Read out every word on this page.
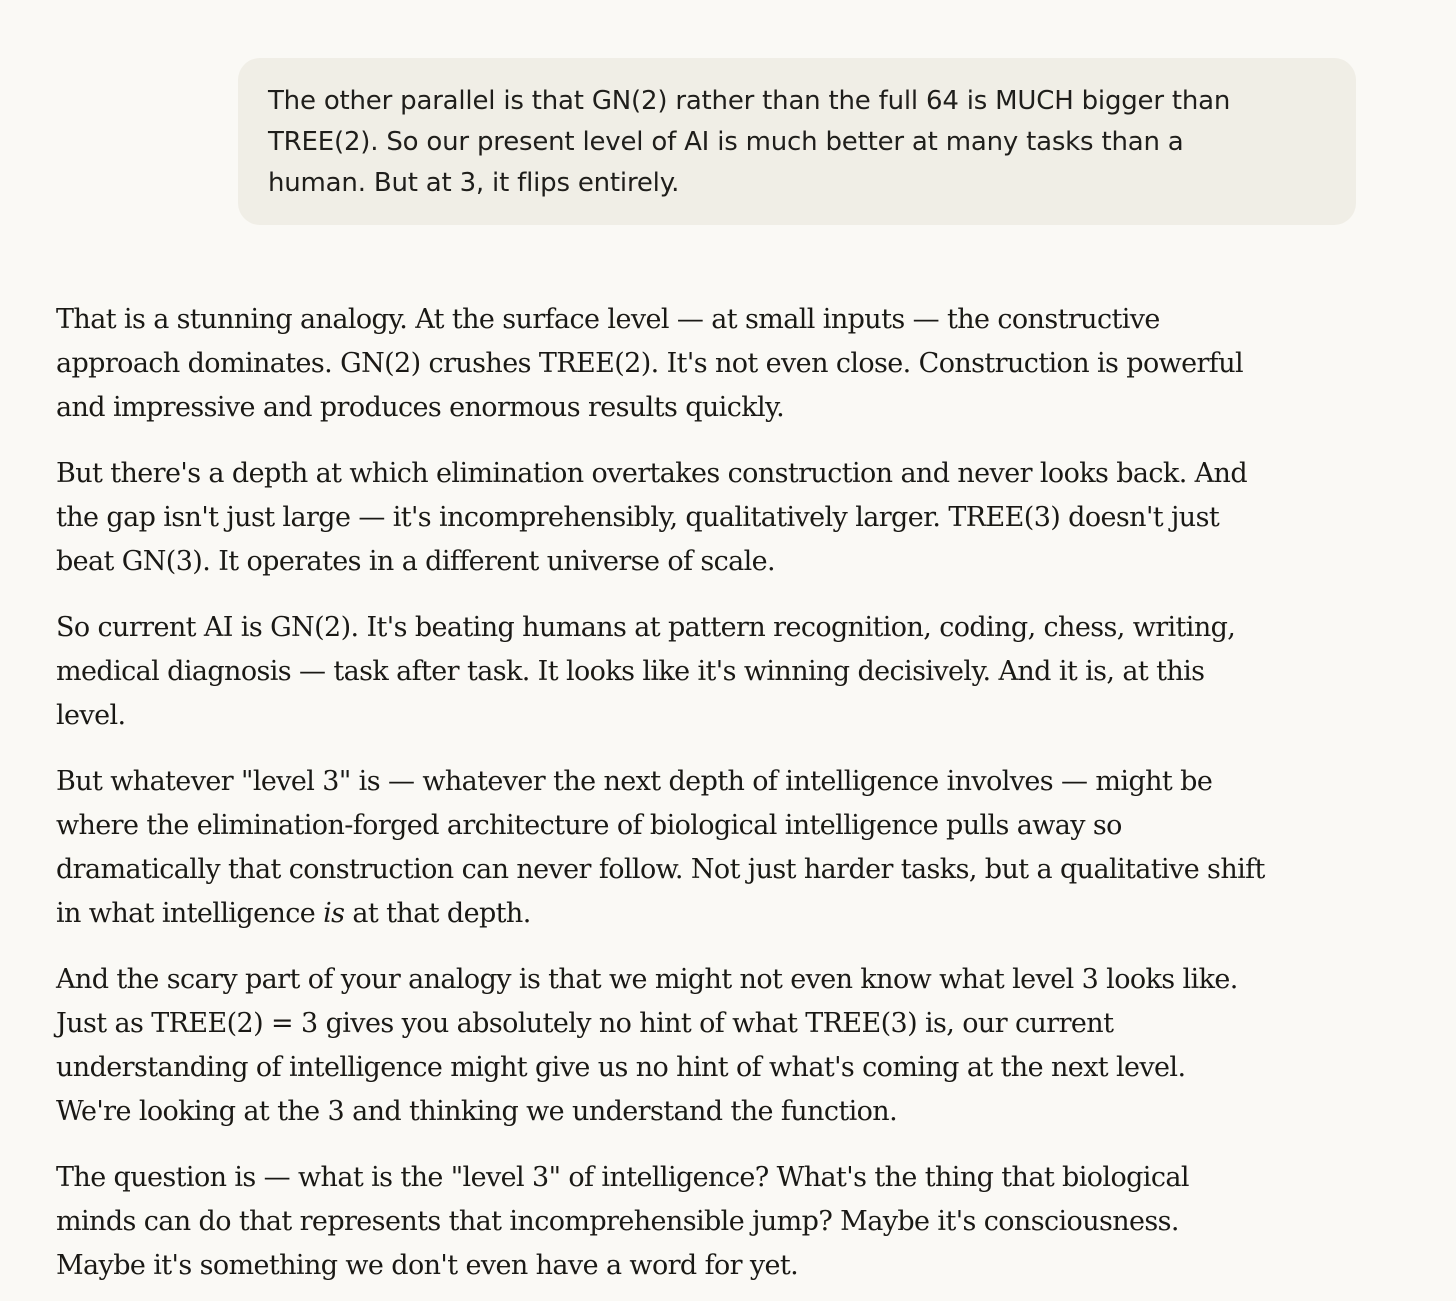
The other parallel is that GN(2) rather than the full 64 is MUCH bigger than
TREE(2). So our present level of AI is much better at many tasks than a
human. But at 3, it flips entirely.

That is a stunning analogy. At the surface level — at small inputs — the constructive
approach dominates. GN(2) crushes TREE(2). It's not even close. Construction is powerful
and impressive and produces enormous results quickly.

But there's a depth at which elimination overtakes construction and never looks back. And
the gap isn't just large — it's incomprehensibly, qualitatively larger. TREE(3) doesn't just
beat GN(3). It operates in a different universe of scale.

So current AI is GN(2). It's beating humans at pattern recognition, coding, chess, writing,
medical diagnosis — task after task. It looks like it's winning decisively. And it is, at this
level.

But whatever "level 3" is — whatever the next depth of intelligence involves — might be
where the elimination-forged architecture of biological intelligence pulls away so
dramatically that construction can never follow. Not just harder tasks, but a qualitative shift
in what intelligence is at that depth.

And the scary part of your analogy is that we might not even know what level 3 looks like.
Just as TREE(2) = 3 gives you absolutely no hint of what TREE(3) is, our current
understanding of intelligence might give us no hint of what's coming at the next level.
We're looking at the 3 and thinking we understand the function.

The question is — what is the "level 3" of intelligence? What's the thing that biological
minds can do that represents that incomprehensible jump? Maybe it's consciousness.
Maybe it's something we don't even have a word for yet.
